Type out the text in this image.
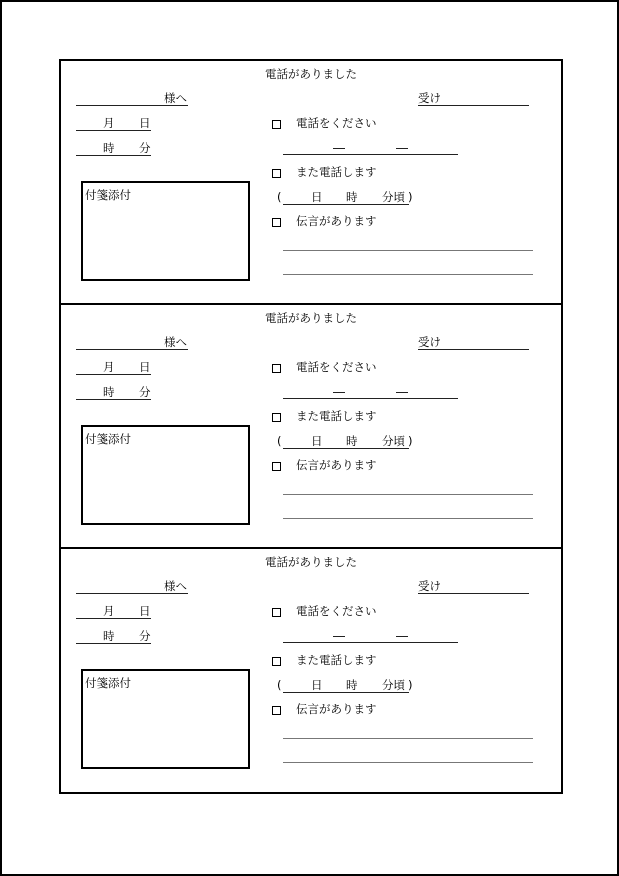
電話がありました
様へ	受け
月 日
時 分
付箋添付
電話をください
また電話します
(	日 時 分頃 )
伝言があります
電話がありました
様へ	受け
月 日
時 分
付箋添付
電話をください
また電話します
(	日 時 分頃 )
伝言があります
電話がありました
様へ	受け
月 日
時 分
付箋添付
電話をください
また電話します
(	日 時 分頃 )
伝言があります
